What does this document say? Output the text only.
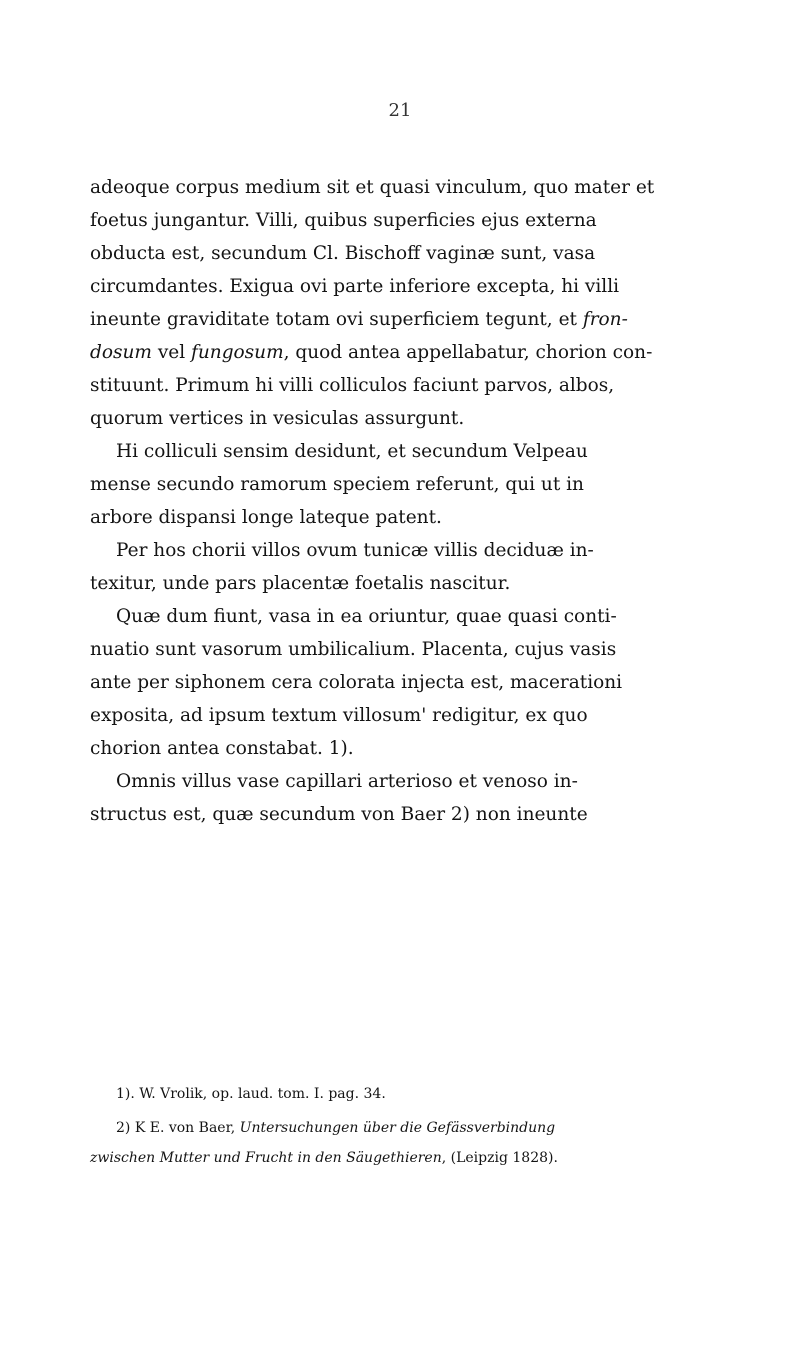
21
adeoque corpus medium sit et quasi vinculum, quo mater et
foetus jungantur. Villi, quibus superficies ejus externa
obducta est, secundum Cl. Bischoff vaginæ sunt, vasa
circumdantes. Exigua ovi parte inferiore excepta, hi villi
ineunte graviditate totam ovi superficiem tegunt, et fron-
dosum vel fungosum, quod antea appellabatur, chorion con-
stituunt. Primum hi villi colliculos faciunt parvos, albos,
quorum vertices in vesiculas assurgunt.
Hi colliculi sensim desidunt, et secundum Velpeau
mense secundo ramorum speciem referunt, qui ut in
arbore dispansi longe lateque patent.
Per hos chorii villos ovum tunicæ villis deciduæ in-
texitur, unde pars placentæ foetalis nascitur.
Quæ dum fiunt, vasa in ea oriuntur, quae quasi conti-
nuatio sunt vasorum umbilicalium. Placenta, cujus vasis
ante per siphonem cera colorata injecta est, macerationi
exposita, ad ipsum textum villosum' redigitur, ex quo
chorion antea constabat. 1).
Omnis villus vase capillari arterioso et venoso in-
structus est, quæ secundum von Baer 2) non ineunte
1). W. Vrolik, op. laud. tom. I. pag. 34.
2) K E. von Baer, Untersuchungen über die Gefässverbindung
zwischen Mutter und Frucht in den Säugethieren, (Leipzig 1828).
